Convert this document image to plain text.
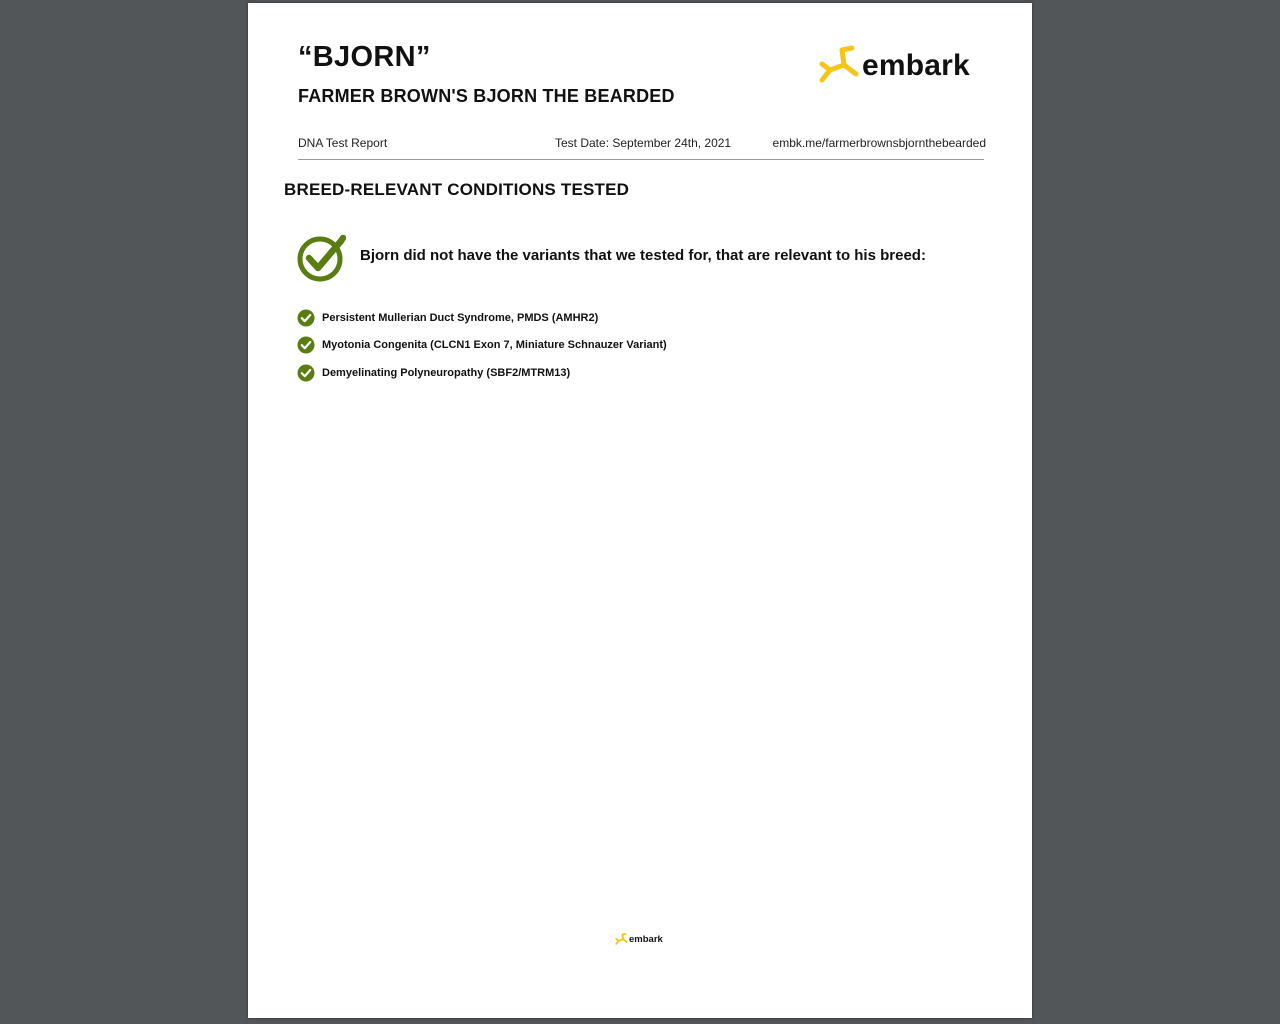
“BJORN”
FARMER BROWN'S BJORN THE BEARDED
embark
DNA Test Report	Test Date: September 24th, 2021	embk.me/farmerbrownsbjornthebearded
BREED-RELEVANT CONDITIONS TESTED
Bjorn did not have the variants that we tested for, that are relevant to his breed:
Persistent Mullerian Duct Syndrome, PMDS (AMHR2)
Myotonia Congenita (CLCN1 Exon 7, Miniature Schnauzer Variant)
Demyelinating Polyneuropathy (SBF2/MTRM13)
embark
